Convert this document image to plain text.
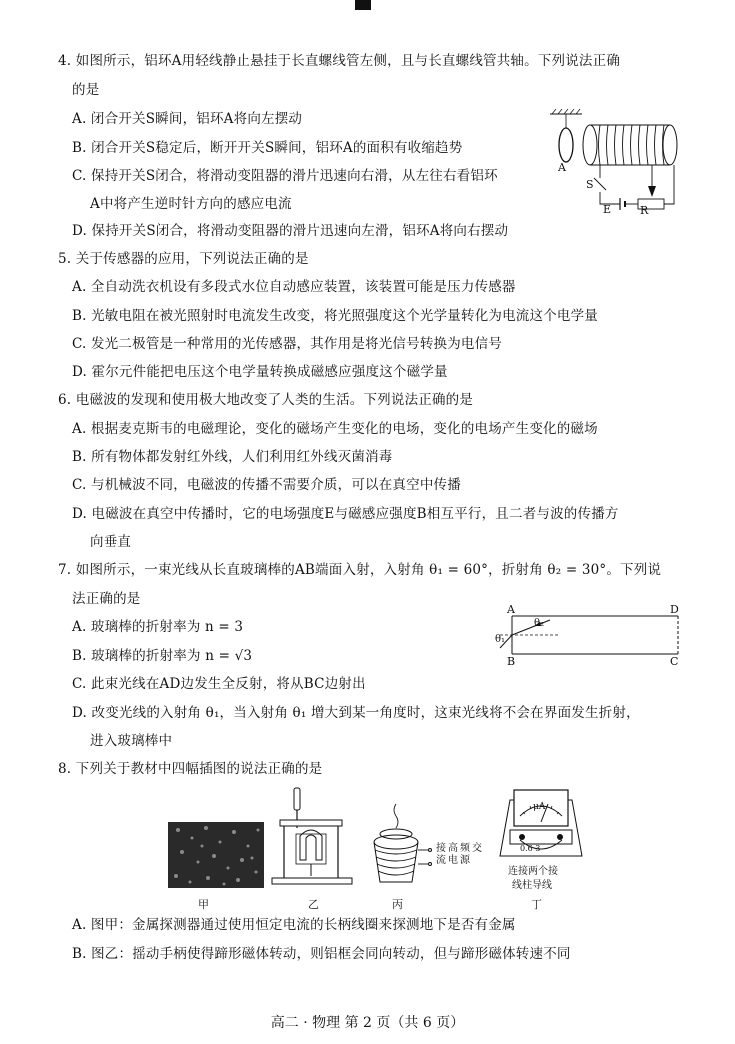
4. 如图所示，铝环A用轻线静止悬挂于长直螺线管左侧，且与长直螺线管共轴。下列说法正确
的是
A. 闭合开关S瞬间，铝环A将向左摆动
B. 闭合开关S稳定后，断开开关S瞬间，铝环A的面积有收缩趋势
C. 保持开关S闭合，将滑动变阻器的滑片迅速向右滑，从左往右看铝环
A中将产生逆时针方向的感应电流
D. 保持开关S闭合，将滑动变阻器的滑片迅速向左滑，铝环A将向右摆动
A
S
E	R
5. 关于传感器的应用，下列说法正确的是
A. 全自动洗衣机设有多段式水位自动感应装置，该装置可能是压力传感器
B. 光敏电阻在被光照射时电流发生改变，将光照强度这个光学量转化为电流这个电学量
C. 发光二极管是一种常用的光传感器，其作用是将光信号转换为电信号
D. 霍尔元件能把电压这个电学量转换成磁感应强度这个磁学量
6. 电磁波的发现和使用极大地改变了人类的生活。下列说法正确的是
A. 根据麦克斯韦的电磁理论，变化的磁场产生变化的电场，变化的电场产生变化的磁场
B. 所有物体都发射红外线，人们利用红外线灭菌消毒
C. 与机械波不同，电磁波的传播不需要介质，可以在真空中传播
D. 电磁波在真空中传播时，它的电场强度E与磁感应强度B相互平行，且二者与波的传播方
向垂直
7. 如图所示，一束光线从长直玻璃棒的AB端面入射，入射角 θ₁ = 60°，折射角 θ₂ = 30°。下列说
法正确的是
A. 玻璃棒的折射率为 n = 3
B. 玻璃棒的折射率为 n = √3
C. 此束光线在AD边发生全反射，将从BC边射出
D. 改变光线的入射角 θ₁，当入射角 θ₁ 增大到某一角度时，这束光线将不会在界面发生折射，
进入玻璃棒中
A
B	C
D
θ₁
θ₂
8. 下列关于教材中四幅插图的说法正确的是
甲	乙	丙
接 高 频 交
流 电 源
μA
0.6 3
连接两个接
线柱导线
丁
A. 图甲：金属探测器通过使用恒定电流的长柄线圈来探测地下是否有金属
B. 图乙：摇动手柄使得蹄形磁体转动，则铝框会同向转动，但与蹄形磁体转速不同
高二 · 物理 第 2 页（共 6 页）
